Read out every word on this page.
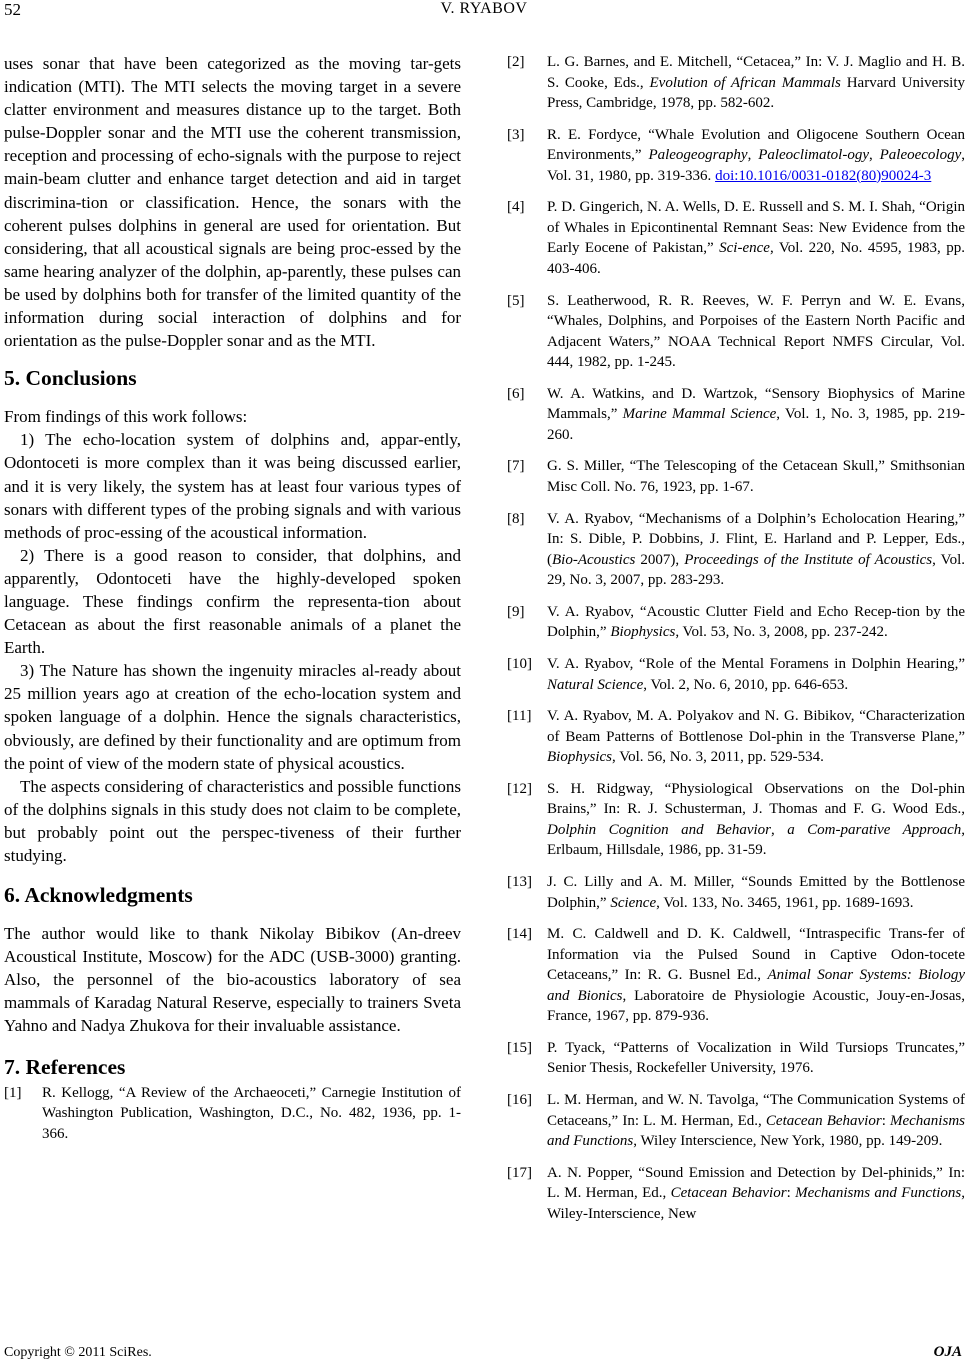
52	V. RYABOV

uses sonar that have been categorized as the moving tar-gets indication (MTI). The MTI selects the moving target in a severe clatter environment and measures distance up to the target. Both pulse-Doppler sonar and the MTI use the coherent transmission, reception and processing of echo-signals with the purpose to reject main-beam clutter and enhance target detection and aid in target discrimina-tion or classification. Hence, the sonars with the coherent pulses dolphins in general are used for orientation. But considering, that all acoustical signals are being proc-essed by the same hearing analyzer of the dolphin, ap-parently, these pulses can be used by dolphins both for transfer of the limited quantity of the information during social interaction of dolphins and for orientation as the pulse-Doppler sonar and as the MTI.

5. Conclusions

From findings of this work follows:

1) The echo-location system of dolphins and, appar-ently, Odontoceti is more complex than it was being discussed earlier, and it is very likely, the system has at least four various types of sonars with different types of the probing signals and with various methods of proc-essing of the acoustical information.

2) There is a good reason to consider, that dolphins, and apparently, Odontoceti have the highly-developed spoken language. These findings confirm the representa-tion about Cetacean as about the first reasonable animals of a planet the Earth.

3) The Nature has shown the ingenuity miracles al-ready about 25 million years ago at creation of the echo-location system and spoken language of a dolphin. Hence the signals characteristics, obviously, are defined by their functionality and are optimum from the point of view of the modern state of physical acoustics.

The aspects considering of characteristics and possible functions of the dolphins signals in this study does not claim to be complete, but probably point out the perspec-tiveness of their further studying.

6. Acknowledgments

The author would like to thank Nikolay Bibikov (An-dreev Acoustical Institute, Moscow) for the ADC (USB-3000) granting. Also, the personnel of the bio-acoustics laboratory of sea mammals of Karadag Natural Reserve, especially to trainers Sveta Yahno and Nadya Zhukova for their invaluable assistance.

7. References

[1] R. Kellogg, “A Review of the Archaeoceti,” Carnegie Institution of Washington Publication, Washington, D.C., No. 482, 1936, pp. 1-366.

[2] L. G. Barnes, and E. Mitchell, “Cetacea,” In: V. J. Maglio and H. B. S. Cooke, Eds., Evolution of African Mammals Harvard University Press, Cambridge, 1978, pp. 582-602.

[3] R. E. Fordyce, “Whale Evolution and Oligocene Southern Ocean Environments,” Paleogeography, Paleoclimatol-ogy, Paleoecology, Vol. 31, 1980, pp. 319-336. doi:10.1016/0031-0182(80)90024-3

[4] P. D. Gingerich, N. A. Wells, D. E. Russell and S. M. I. Shah, “Origin of Whales in Epicontinental Remnant Seas: New Evidence from the Early Eocene of Pakistan,” Sci-ence, Vol. 220, No. 4595, 1983, pp. 403-406.

[5] S. Leatherwood, R. R. Reeves, W. F. Perryn and W. E. Evans, “Whales, Dolphins, and Porpoises of the Eastern North Pacific and Adjacent Waters,” NOAA Technical Report NMFS Circular, Vol. 444, 1982, pp. 1-245.

[6] W. A. Watkins, and D. Wartzok, “Sensory Biophysics of Marine Mammals,” Marine Mammal Science, Vol. 1, No. 3, 1985, pp. 219-260.

[7] G. S. Miller, “The Telescoping of the Cetacean Skull,” Smithsonian Misc Coll. No. 76, 1923, pp. 1-67.

[8] V. A. Ryabov, “Mechanisms of a Dolphin’s Echolocation Hearing,” In: S. Dible, P. Dobbins, J. Flint, E. Harland and P. Lepper, Eds., (Bio-Acoustics 2007), Proceedings of the Institute of Acoustics, Vol. 29, No. 3, 2007, pp. 283-293.

[9] V. A. Ryabov, “Acoustic Clutter Field and Echo Recep-tion by the Dolphin,” Biophysics, Vol. 53, No. 3, 2008, pp. 237-242.

[10] V. A. Ryabov, “Role of the Mental Foramens in Dolphin Hearing,” Natural Science, Vol. 2, No. 6, 2010, pp. 646-653.

[11] V. A. Ryabov, M. A. Polyakov and N. G. Bibikov, “Characterization of Beam Patterns of Bottlenose Dol-phin in the Transverse Plane,” Biophysics, Vol. 56, No. 3, 2011, pp. 529-534.

[12] S. H. Ridgway, “Physiological Observations on the Dol-phin Brains,” In: R. J. Schusterman, J. Thomas and F. G. Wood Eds., Dolphin Cognition and Behavior, a Com-parative Approach, Erlbaum, Hillsdale, 1986, pp. 31-59.

[13] J. C. Lilly and A. M. Miller, “Sounds Emitted by the Bottlenose Dolphin,” Science, Vol. 133, No. 3465, 1961, pp. 1689-1693.

[14] M. C. Caldwell and D. K. Caldwell, “Intraspecific Trans-fer of Information via the Pulsed Sound in Captive Odon-tocete Cetaceans,” In: R. G. Busnel Ed., Animal Sonar Systems: Biology and Bionics, Laboratoire de Physiologie Acoustic, Jouy-en-Josas, France, 1967, pp. 879-936.

[15] P. Tyack, “Patterns of Vocalization in Wild Tursiops Truncates,” Senior Thesis, Rockefeller University, 1976.

[16] L. M. Herman, and W. N. Tavolga, “The Communication Systems of Cetaceans,” In: L. M. Herman, Ed., Cetacean Behavior: Mechanisms and Functions, Wiley Interscience, New York, 1980, pp. 149-209.

[17] A. N. Popper, “Sound Emission and Detection by Del-phinids,” In: L. M. Herman, Ed., Cetacean Behavior: Mechanisms and Functions, Wiley-Interscience, New

Copyright © 2011 SciRes.	OJA
